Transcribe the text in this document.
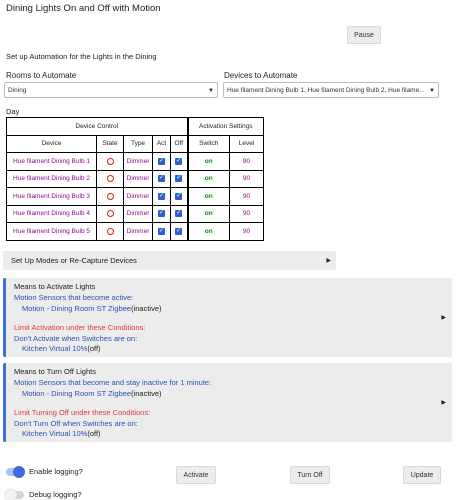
Dining Lights On and Off with Motion
Pause
Set up Automation for the Lights in the Dining
Rooms to Automate
Dining	▼
Devices to Automate
Hue filament Dining Bulb 1, Hue filament Dining Bulb 2, Hue filame... ▼
Day
Device Control					Activation Settings	
Device	State	Type	Act	Off	Switch	Level
Hue filament Dining Bulb 1		Dimmer	✓	✓	on	90
Hue filament Dining Bulb 2		Dimmer	✓	✓	on	90
Hue filament Dining Bulb 3		Dimmer	✓	✓	on	90
Hue filament Dining Bulb 4		Dimmer	✓	✓	on	90
Hue filament Dining Bulb 5		Dimmer	✓	✓	on	90
Set Up Modes or Re-Capture Devices	▶
Means to Activate Lights
Motion Sensors that become active:
Motion - Dining Room ST Zigbee(inactive)
Limit Activation under these Conditions:
Don't Activate when Switches are on:
Kitchen Virtual 10%(off)
▶
Means to Turn Off Lights
Motion Sensors that become and stay inactive for 1 minute:
Motion - Dining Room ST Zigbee(inactive)
Limit Turning Off under these Conditions:
Don't Turn Off when Switches are on:
Kitchen Virtual 10%(off)
▶
Enable logging?	Activate	Turn Off	Update
Debug logging?
